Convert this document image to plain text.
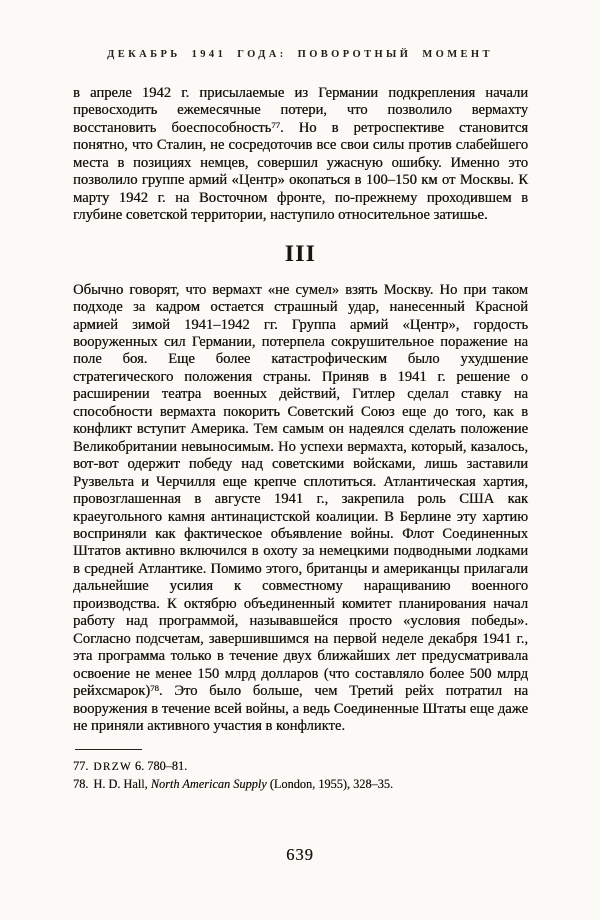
ДЕКАБРЬ 1941 ГОДА: ПОВОРОТНЫЙ МОМЕНТ

в апреле 1942 г. присылаемые из Германии подкрепления начали превосходить ежемесячные потери, что позволило вермахту восстановить боеспособность$^{77}$. Но в ретроспективе становится понятно, что Сталин, не сосредоточив все свои силы против слабейшего места в позициях немцев, совершил ужасную ошибку. Именно это позволило группе армий «Центр» окопаться в 100–150 км от Москвы. К марту 1942 г. на Восточном фронте, по-прежнему проходившем в глубине советской территории, наступило относительное затишье.

III

Обычно говорят, что вермахт «не сумел» взять Москву. Но при таком подходе за кадром остается страшный удар, нанесенный Красной армией зимой 1941–1942 гг. Группа армий «Центр», гордость вооруженных сил Германии, потерпела сокрушительное поражение на поле боя. Еще более катастрофическим было ухудшение стратегического положения страны. Приняв в 1941 г. решение о расширении театра военных действий, Гитлер сделал ставку на способности вермахта покорить Советский Союз еще до того, как в конфликт вступит Америка. Тем самым он надеялся сделать положение Великобритании невыносимым. Но успехи вермахта, который, казалось, вот-вот одержит победу над советскими войсками, лишь заставили Рузвельта и Черчилля еще крепче сплотиться. Атлантическая хартия, провозглашенная в августе 1941 г., закрепила роль США как краеугольного камня антинацистской коалиции. В Берлине эту хартию восприняли как фактическое объявление войны. Флот Соединенных Штатов активно включился в охоту за немецкими подводными лодками в средней Атлантике. Помимо этого, британцы и американцы прилагали дальнейшие усилия к совместному наращиванию военного производства. К октябрю объединенный комитет планирования начал работу над программой, называвшейся просто «условия победы». Согласно подсчетам, завершившимся на первой неделе декабря 1941 г., эта программа только в течение двух ближайших лет предусматривала освоение не менее 150 млрд долларов (что составляло более 500 млрд рейхсмарок)$^{78}$. Это было больше, чем Третий рейх потратил на вооружения в течение всей войны, а ведь Соединенные Штаты еще даже не приняли активного участия в конфликте.

77. DRZW 6. 780–81.
78. H. D. Hall, North American Supply (London, 1955), 328–35.
639
